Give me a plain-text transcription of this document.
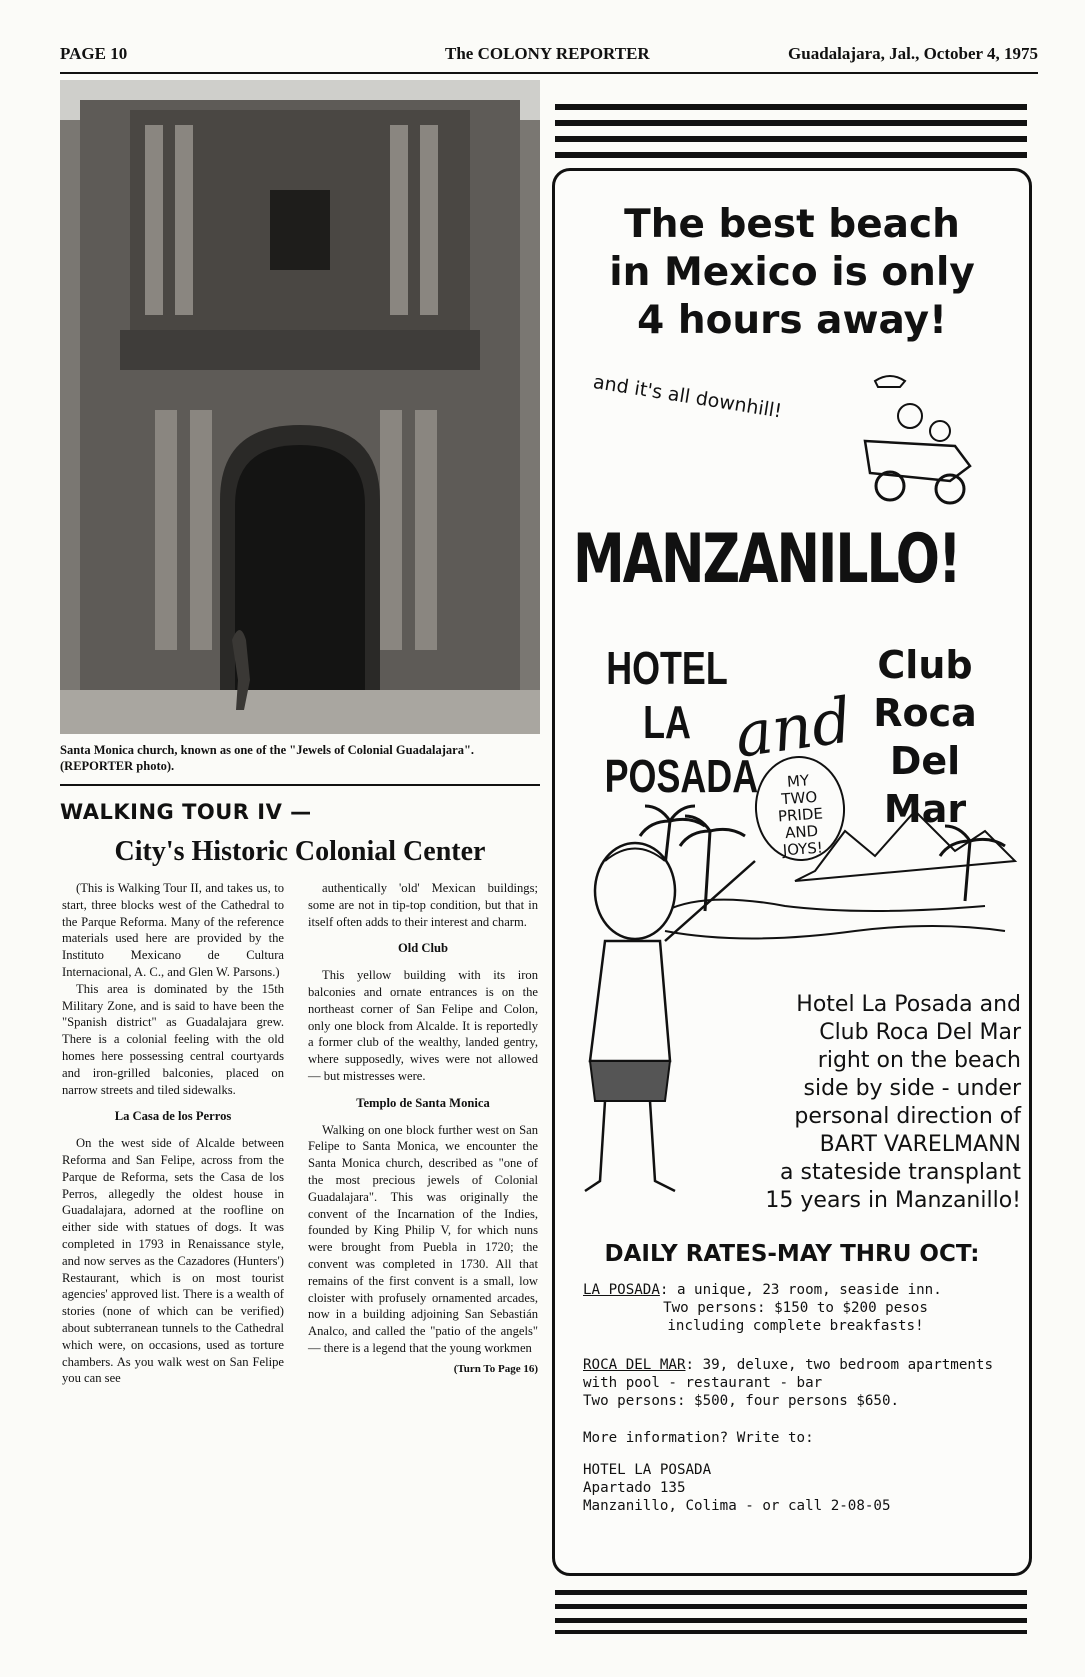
PAGE 10	The COLONY REPORTER	Guadalajara, Jal., October 4, 1975
Santa Monica church, known as one of the "Jewels of Colonial Guadalajara". (REPORTER photo).
WALKING TOUR IV —
City's Historic Colonial Center

(This is Walking Tour II, and takes us, to start, three blocks west of the Cathedral to the Parque Reforma. Many of the reference materials used here are provided by the Instituto Mexicano de Cultura Internacional, A. C., and Glen W. Parsons.)

This area is dominated by the 15th Military Zone, and is said to have been the "Spanish district" as Guadalajara grew. There is a colonial feeling with the old homes here possessing central courtyards and iron-grilled balconies, placed on narrow streets and tiled sidewalks.

La Casa de los Perros

On the west side of Alcalde between Reforma and San Felipe, across from the Parque de Reforma, sets the Casa de los Perros, allegedly the oldest house in Guadalajara, adorned at the roofline on either side with statues of dogs. It was completed in 1793 in Renaissance style, and now serves as the Cazadores (Hunters') Restaurant, which is on most tourist agencies' approved list. There is a wealth of stories (none of which can be verified) about subterranean tunnels to the Cathedral which were, on occasions, used as torture chambers. As you walk west on San Felipe you can see

authentically 'old' Mexican buildings; some are not in tip-top condition, but that in itself often adds to their interest and charm.

Old Club

This yellow building with its iron balconies and ornate entrances is on the northeast corner of San Felipe and Colon, only one block from Alcalde. It is reportedly a former club of the wealthy, landed gentry, where supposedly, wives were not allowed — but mistresses were.

Templo de Santa Monica

Walking on one block further west on San Felipe to Santa Monica, we encounter the Santa Monica church, described as "one of the most precious jewels of Colonial Guadalajara". This was originally the convent of the Incarnation of the Indies, founded by King Philip V, for which nuns were brought from Puebla in 1720; the convent was completed in 1730. All that remains of the first convent is a small, low cloister with profusely ornamented arcades, now in a building adjoining San Sebastián Analco, and called the "patio of the angels" — there is a legend that the young workmen

(Turn To Page 16)
The best beach
in Mexico is only
4 hours away!
and it's all downhill!
MANZANILLO!
HOTEL
LA
POSADA
and
Club
Roca
Del
Mar
MY
TWO
PRIDE
AND
JOYS!
Hotel La Posada and
Club Roca Del Mar
right on the beach
side by side - under
personal direction of
BART VARELMANN
a stateside transplant
15 years in Manzanillo!
DAILY RATES-MAY THRU OCT:
LA POSADA: a unique, 23 room, seaside inn.
Two persons: $150 to $200 pesos
including complete breakfasts!
ROCA DEL MAR: 39, deluxe, two bedroom apartments with pool - restaurant - bar
Two persons: $500, four persons $650.
More information? Write to:
HOTEL LA POSADA
Apartado 135
Manzanillo, Colima - or call 2-08-05
